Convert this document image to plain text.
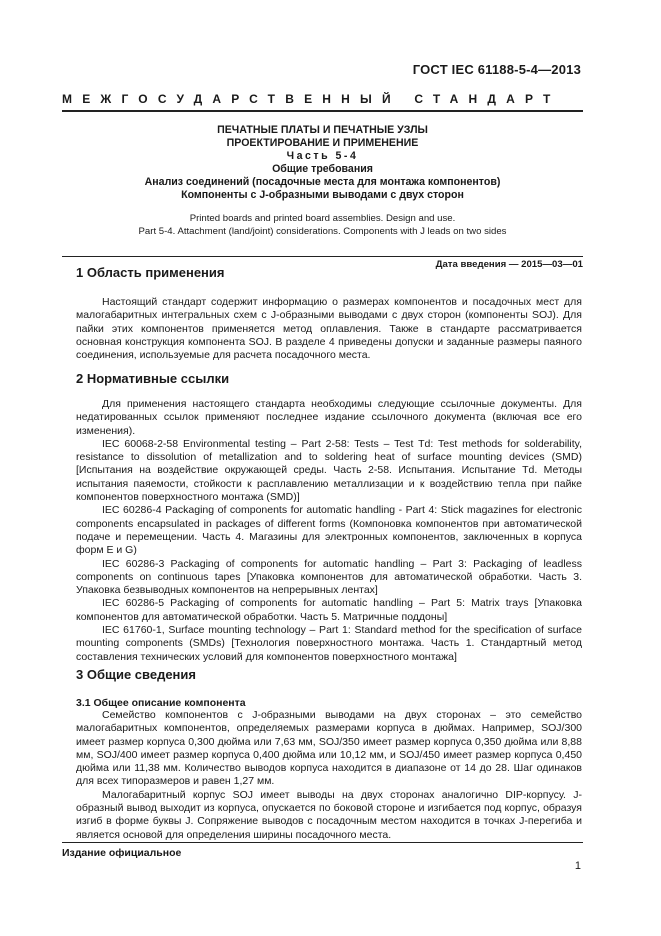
ГОСТ IEC 61188-5-4—2013
МЕЖГОСУДАРСТВЕННЫЙ СТАНДАРТ
ПЕЧАТНЫЕ ПЛАТЫ И ПЕЧАТНЫЕ УЗЛЫ
ПРОЕКТИРОВАНИЕ И ПРИМЕНЕНИЕ
Часть 5-4
Общие требования
Анализ соединений (посадочные места для монтажа компонентов)
Компоненты с J-образными выводами с двух сторон
Printed boards and printed board assemblies. Design and use.
Part 5-4. Attachment (land/joint) considerations. Components with J leads on two sides
Дата введения — 2015—03—01
1 Область применения

Настоящий стандарт содержит информацию о размерах компонентов и посадочных мест для малогабаритных интегральных схем с J-образными выводами с двух сторон (компоненты SOJ). Для пайки этих компонентов применяется метод оплавления. Также в стандарте рассматривается основная конструкция компонента SOJ. В разделе 4 приведены допуски и заданные размеры паяного соединения, используемые для расчета посадочного места.

2 Нормативные ссылки

Для применения настоящего стандарта необходимы следующие ссылочные документы. Для недатированных ссылок применяют последнее издание ссылочного документа (включая все его изменения).

IEC 60068-2-58 Environmental testing – Part 2-58: Tests – Test Td: Test methods for solderability, resistance to dissolution of metallization and to soldering heat of surface mounting devices (SMD) [Испытания на воздействие окружающей среды. Часть 2-58. Испытания. Испытание Td. Методы испытания паяемости, стойкости к расплавлению металлизации и к воздействию тепла при пайке компонентов поверхностного монтажа (SMD)]

IEC 60286-4 Packaging of components for automatic handling - Part 4: Stick magazines for electronic components encapsulated in packages of different forms (Компоновка компонентов при автоматической подаче и перемещении. Часть 4. Магазины для электронных компонентов, заключенных в корпуса форм E и G)

IEC 60286-3 Packaging of components for automatic handling – Part 3: Packaging of leadless components on continuous tapes [Упаковка компонентов для автоматической обработки. Часть 3. Упаковка безвыводных компонентов на непрерывных лентах]

IEC 60286-5 Packaging of components for automatic handling – Part 5: Matrix trays [Упаковка компонентов для автоматической обработки. Часть 5. Матричные поддоны]

IEC 61760-1, Surface mounting technology – Part 1: Standard method for the specification of surface mounting components (SMDs) [Технология поверхностного монтажа. Часть 1. Стандартный метод составления технических условий для компонентов поверхностного монтажа]

3 Общие сведения
3.1 Общее описание компонента

Семейство компонентов с J-образными выводами на двух сторонах – это семейство малогабаритных компонентов, определяемых размерами корпуса в дюймах. Например, SOJ/300 имеет размер корпуса 0,300 дюйма или 7,63 мм, SOJ/350 имеет размер корпуса 0,350 дюйма или 8,88 мм, SOJ/400 имеет размер корпуса 0,400 дюйма или 10,12 мм, и SOJ/450 имеет размер корпуса 0,450 дюйма или 11,38 мм. Количество выводов корпуса находится в диапазоне от 14 до 28. Шаг одинаков для всех типоразмеров и равен 1,27 мм.

Малогабаритный корпус SOJ имеет выводы на двух сторонах аналогично DIP-корпусу. J-образный вывод выходит из корпуса, опускается по боковой стороне и изгибается под корпус, образуя изгиб в форме буквы J. Сопряжение выводов с посадочным местом находится в точках J-перегиба и является основой для определения ширины посадочного места.

Издание официальное
1
